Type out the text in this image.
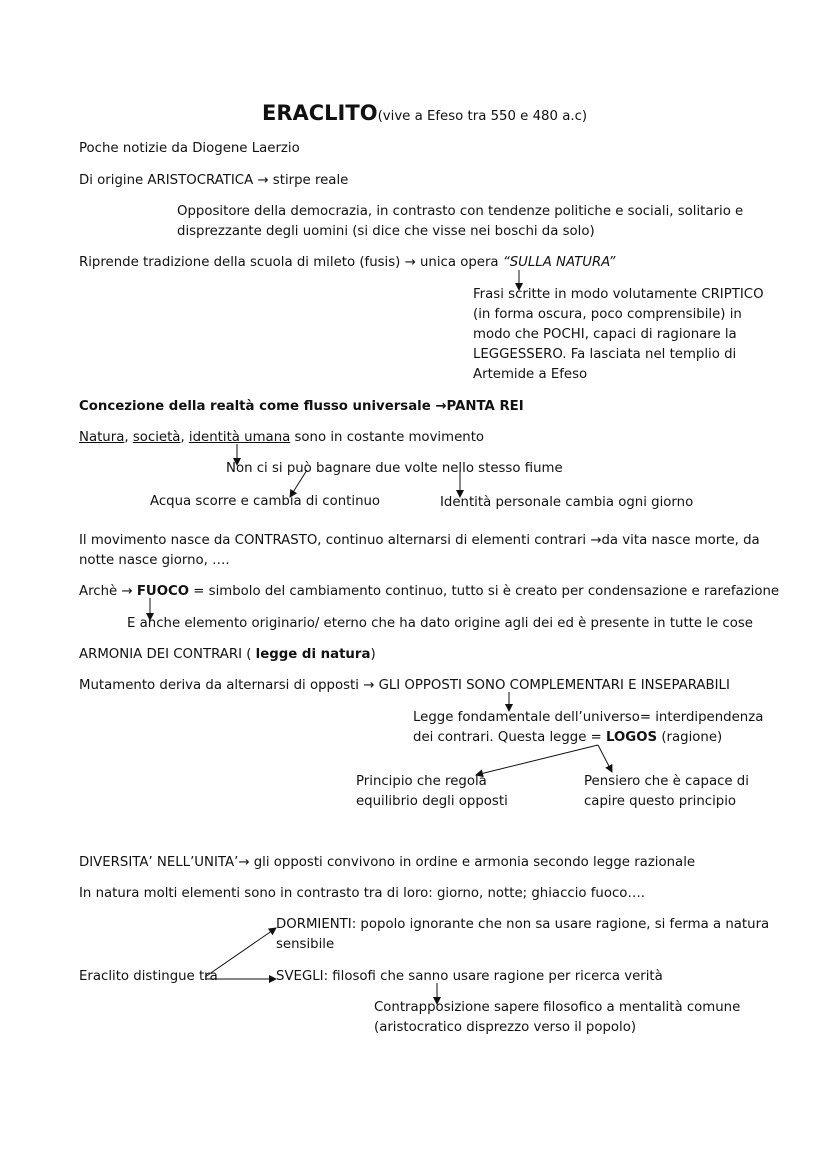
ERACLITO(vive a Efeso tra 550 e 480 a.c)
Poche notizie da Diogene Laerzio
Di origine ARISTOCRATICA → stirpe reale
Oppositore della democrazia, in contrasto con tendenze politiche e sociali, solitario e
disprezzante degli uomini (si dice che visse nei boschi da solo)
Riprende tradizione della scuola di mileto (fusis) → unica opera “SULLA NATURA”
Frasi scritte in modo volutamente CRIPTICO
(in forma oscura, poco comprensibile) in
modo che POCHI, capaci di ragionare la
LEGGESSERO. Fa lasciata nel templio di
Artemide a Efeso
Concezione della realtà come flusso universale →PANTA REI
Natura, società, identità umana sono in costante movimento
Non ci si può bagnare due volte nello stesso fiume
Acqua scorre e cambia di continuo	Identità personale cambia ogni giorno
Il movimento nasce da CONTRASTO, continuo alternarsi di elementi contrari →da vita nasce morte, da
notte nasce giorno, ….
Archè → FUOCO = simbolo del cambiamento continuo, tutto si è creato per condensazione e rarefazione
E anche elemento originario/ eterno che ha dato origine agli dei ed è presente in tutte le cose
ARMONIA DEI CONTRARI ( legge di natura)
Mutamento deriva da alternarsi di opposti → GLI OPPOSTI SONO COMPLEMENTARI E INSEPARABILI
Legge fondamentale dell’universo= interdipendenza
dei contrari. Questa legge = LOGOS (ragione)
Principio che regola
equilibrio degli opposti
Pensiero che è capace di
capire questo principio
DIVERSITA’ NELL’UNITA’→ gli opposti convivono in ordine e armonia secondo legge razionale
In natura molti elementi sono in contrasto tra di loro: giorno, notte; ghiaccio fuoco….
DORMIENTI: popolo ignorante che non sa usare ragione, si ferma a natura
sensibile
Eraclito distingue tra	SVEGLI: filosofi che sanno usare ragione per ricerca verità
Contrapposizione sapere filosofico a mentalità comune
(aristocratico disprezzo verso il popolo)
